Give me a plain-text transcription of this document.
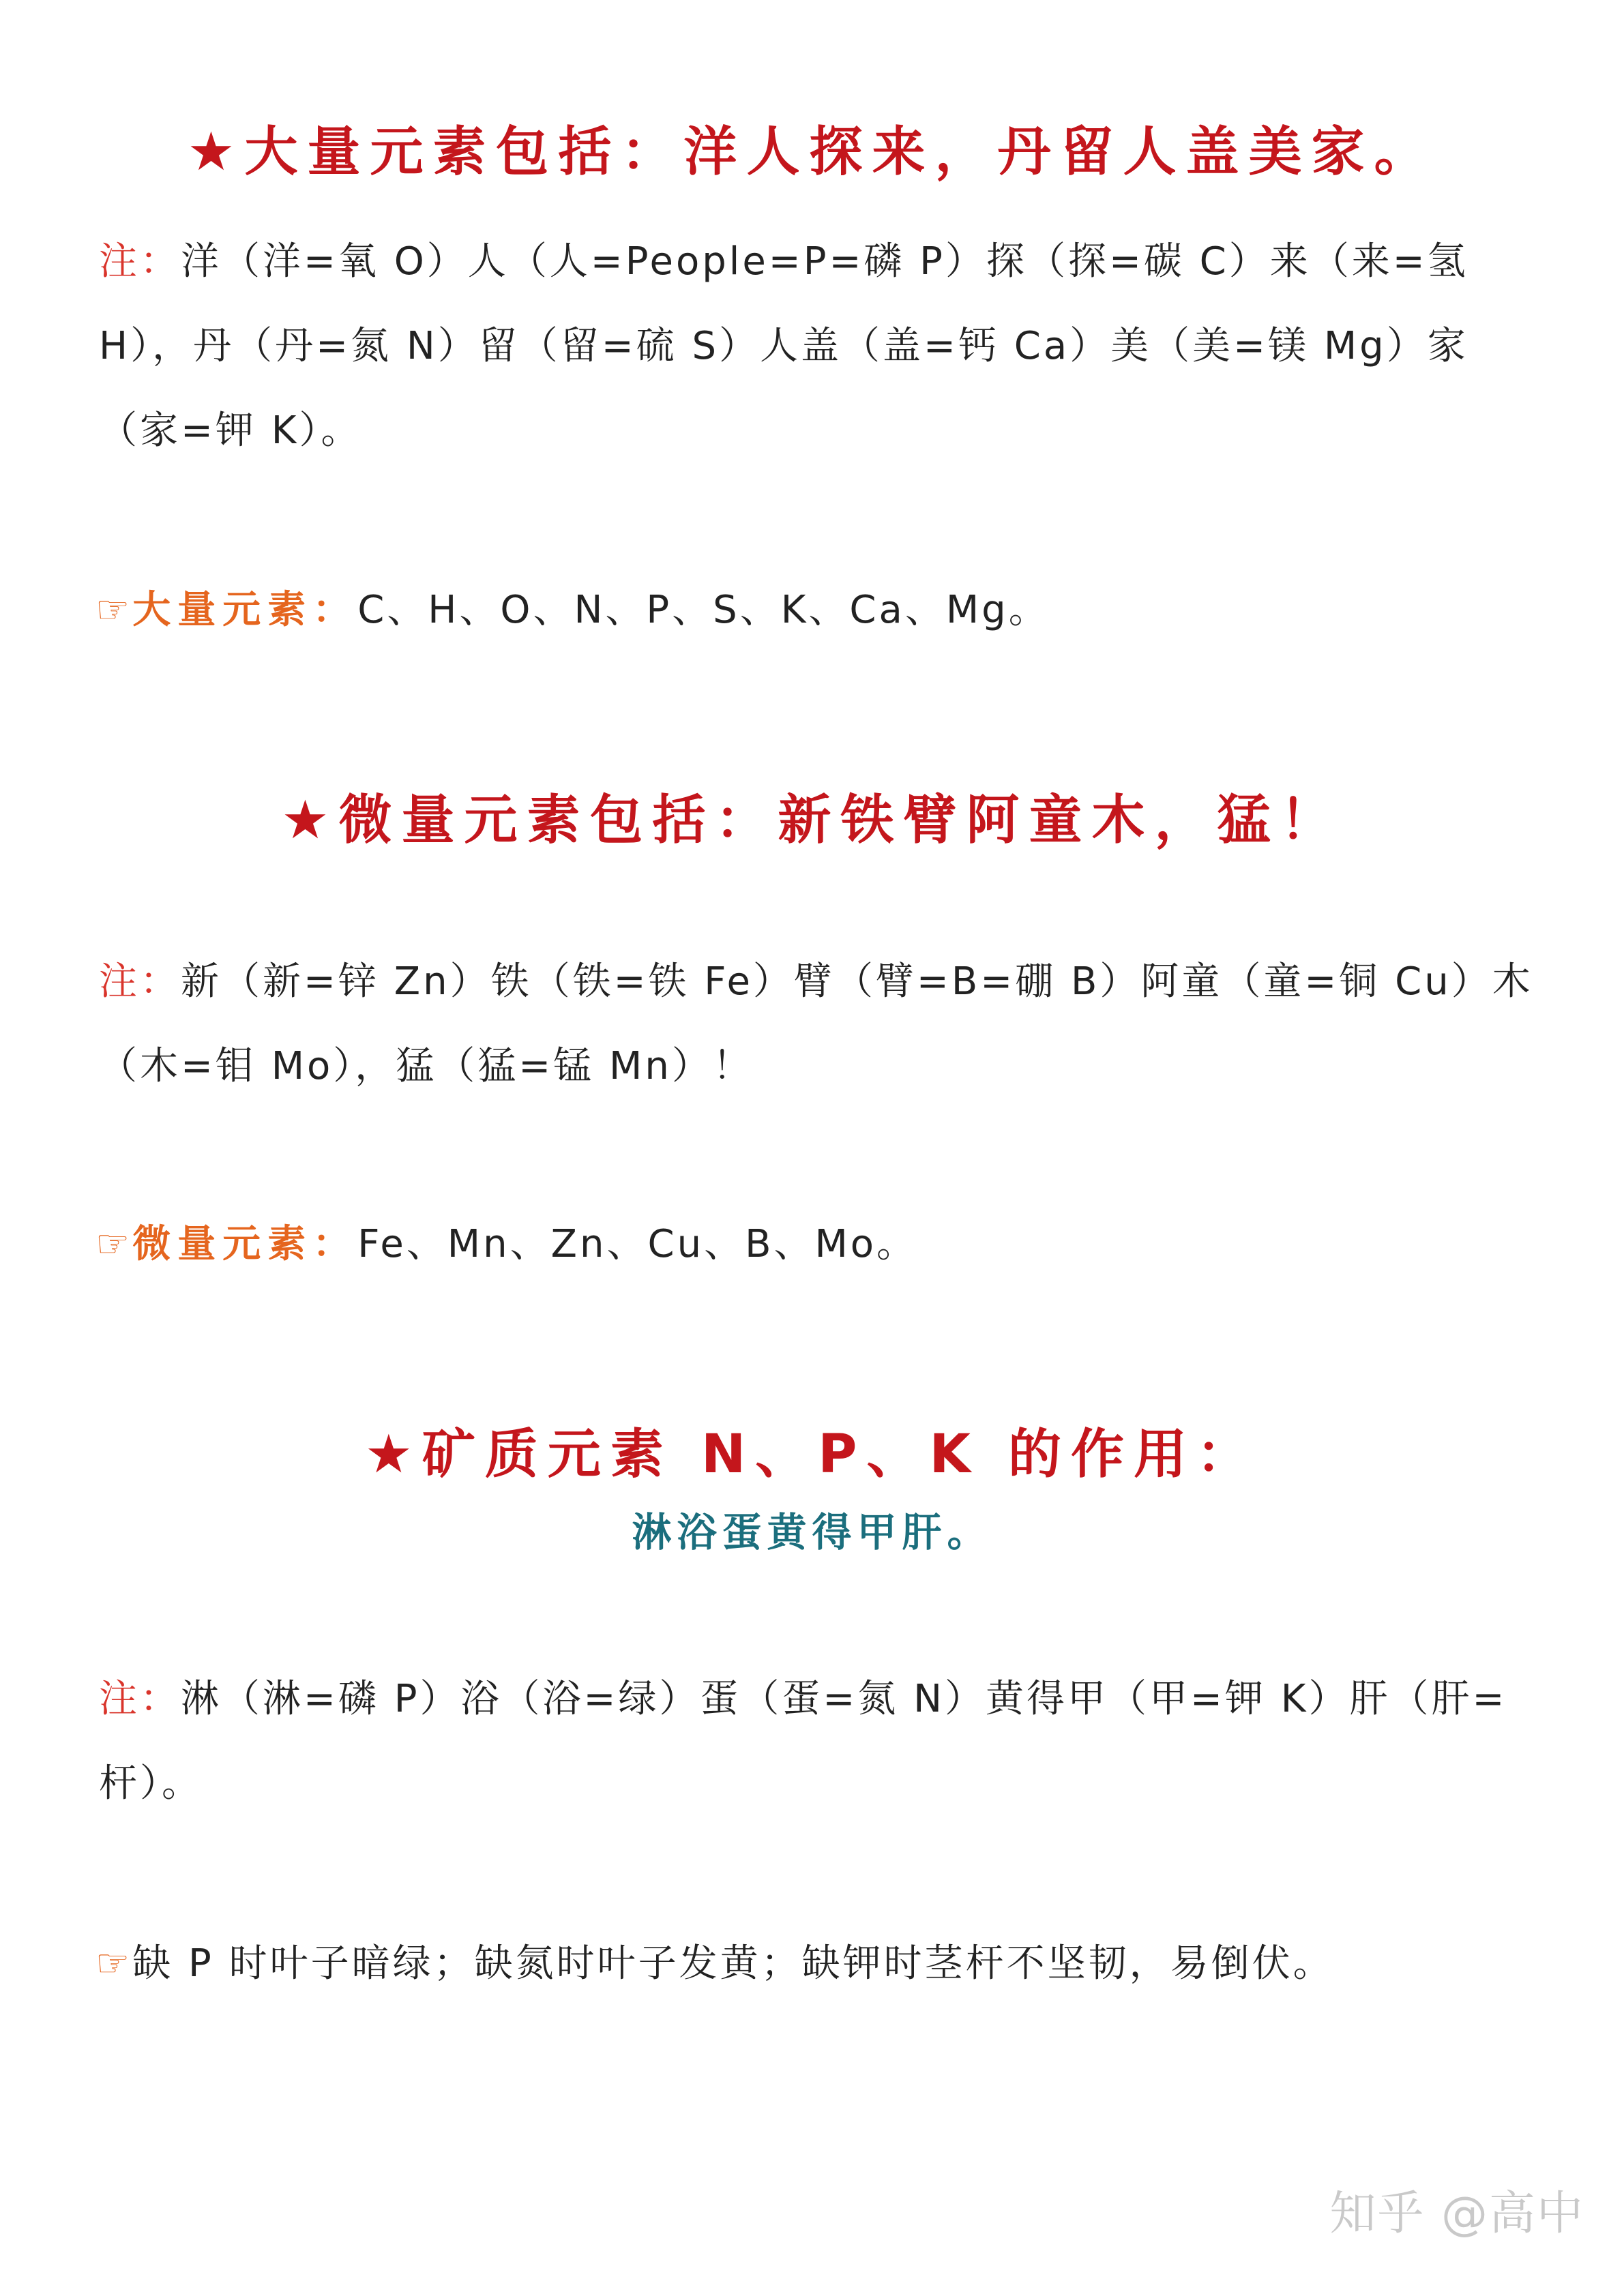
★大量元素包括：洋人探来，丹留人盖美家。
注：洋（洋=氧 O）人（人=People=P=磷 P）探（探=碳 C）来（来=氢 H），丹（丹=氮 N）留（留=硫 S）人盖（盖=钙 Ca）美（美=镁 Mg）家（家=钾 K）。
☞大量元素：C、H、O、N、P、S、K、Ca、Mg。
★微量元素包括：新铁臂阿童木，猛！
注：新（新=锌 Zn）铁（铁=铁 Fe）臂（臂=B=硼 B）阿童（童=铜 Cu）木（木=钼 Mo），猛（猛=锰 Mn）！
☞微量元素：Fe、Mn、Zn、Cu、B、Mo。
★矿质元素 N、P、K 的作用：
淋浴蛋黄得甲肝。
注：淋（淋=磷 P）浴（浴=绿）蛋（蛋=氮 N）黄得甲（甲=钾 K）肝（肝=杆）。
☞缺 P 时叶子暗绿；缺氮时叶子发黄；缺钾时茎杆不坚韧，易倒伏。
知乎 @高中
